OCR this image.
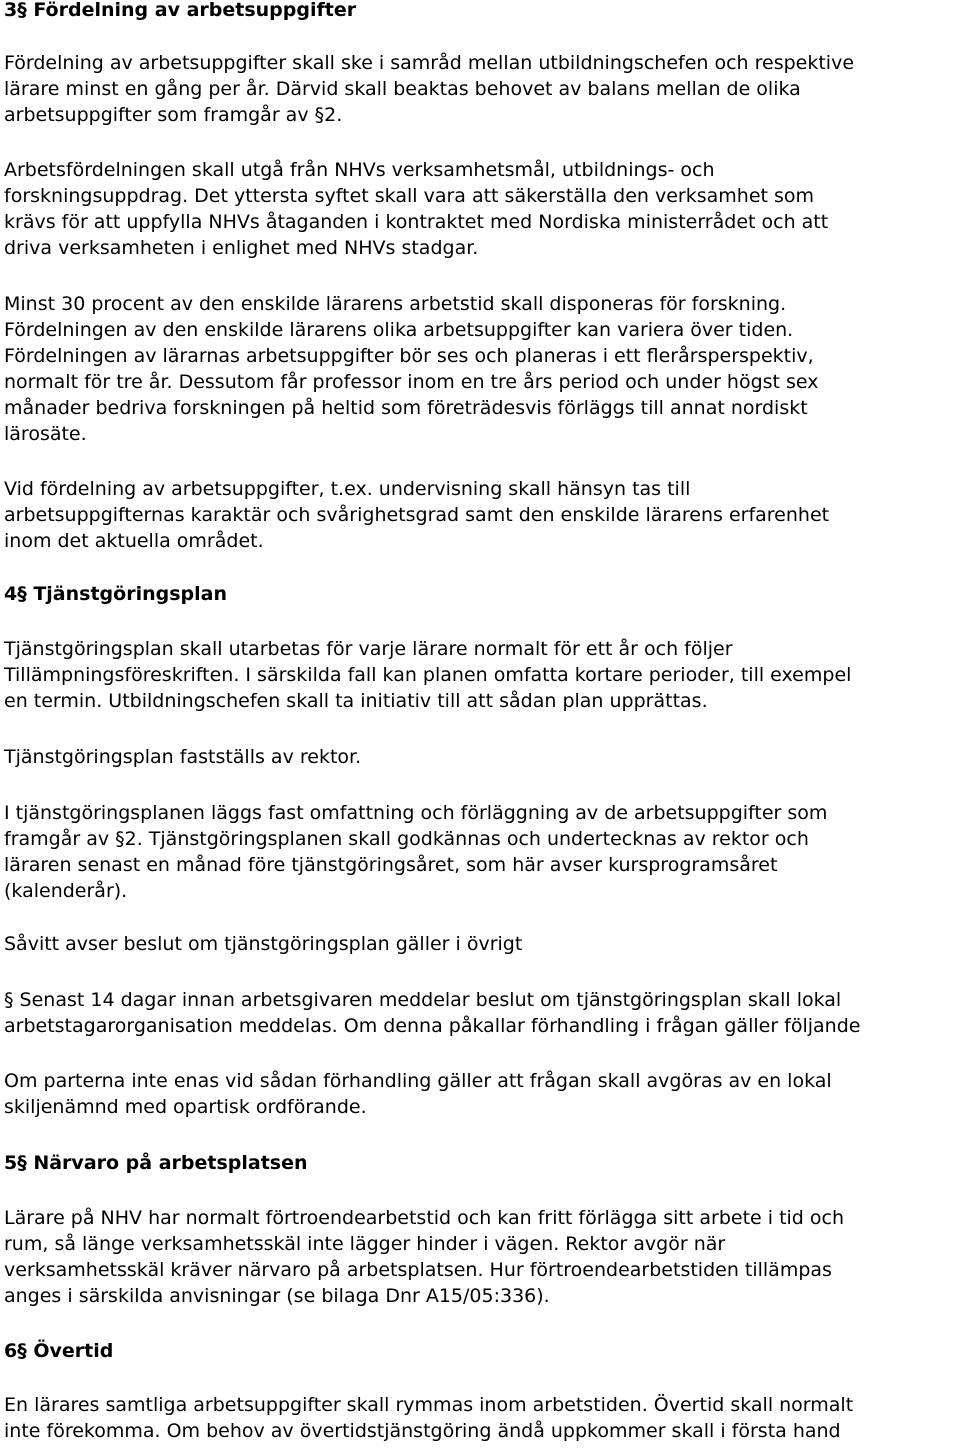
3§ Fördelning av arbetsuppgifter
Fördelning av arbetsuppgifter skall ske i samråd mellan utbildningschefen och respektive
lärare minst en gång per år. Därvid skall beaktas behovet av balans mellan de olika
arbetsuppgifter som framgår av §2.
Arbetsfördelningen skall utgå från NHVs verksamhetsmål, utbildnings- och
forskningsuppdrag. Det yttersta syftet skall vara att säkerställa den verksamhet som
krävs för att uppfylla NHVs åtaganden i kontraktet med Nordiska ministerrådet och att
driva verksamheten i enlighet med NHVs stadgar.
Minst 30 procent av den enskilde lärarens arbetstid skall disponeras för forskning.
Fördelningen av den enskilde lärarens olika arbetsuppgifter kan variera över tiden.
Fördelningen av lärarnas arbetsuppgifter bör ses och planeras i ett flerårsperspektiv,
normalt för tre år. Dessutom får professor inom en tre års period och under högst sex
månader bedriva forskningen på heltid som företrädesvis förläggs till annat nordiskt
lärosäte.
Vid fördelning av arbetsuppgifter, t.ex. undervisning skall hänsyn tas till
arbetsuppgifternas karaktär och svårighetsgrad samt den enskilde lärarens erfarenhet
inom det aktuella området.
4§ Tjänstgöringsplan
Tjänstgöringsplan skall utarbetas för varje lärare normalt för ett år och följer
Tillämpningsföreskriften. I särskilda fall kan planen omfatta kortare perioder, till exempel
en termin. Utbildningschefen skall ta initiativ till att sådan plan upprättas.
Tjänstgöringsplan fastställs av rektor.
I tjänstgöringsplanen läggs fast omfattning och förläggning av de arbetsuppgifter som
framgår av §2. Tjänstgöringsplanen skall godkännas och undertecknas av rektor och
läraren senast en månad före tjänstgöringsåret, som här avser kursprogramsåret
(kalenderår).
Såvitt avser beslut om tjänstgöringsplan gäller i övrigt
§ Senast 14 dagar innan arbetsgivaren meddelar beslut om tjänstgöringsplan skall lokal
arbetstagarorganisation meddelas. Om denna påkallar förhandling i frågan gäller följande
Om parterna inte enas vid sådan förhandling gäller att frågan skall avgöras av en lokal
skiljenämnd med opartisk ordförande.
5§ Närvaro på arbetsplatsen
Lärare på NHV har normalt förtroendearbetstid och kan fritt förlägga sitt arbete i tid och
rum, så länge verksamhetsskäl inte lägger hinder i vägen. Rektor avgör när
verksamhetsskäl kräver närvaro på arbetsplatsen. Hur förtroendearbetstiden tillämpas
anges i särskilda anvisningar (se bilaga Dnr A15/05:336).
6§ Övertid
En lärares samtliga arbetsuppgifter skall rymmas inom arbetstiden. Övertid skall normalt
inte förekomma. Om behov av övertidstjänstgöring ändå uppkommer skall i första hand
